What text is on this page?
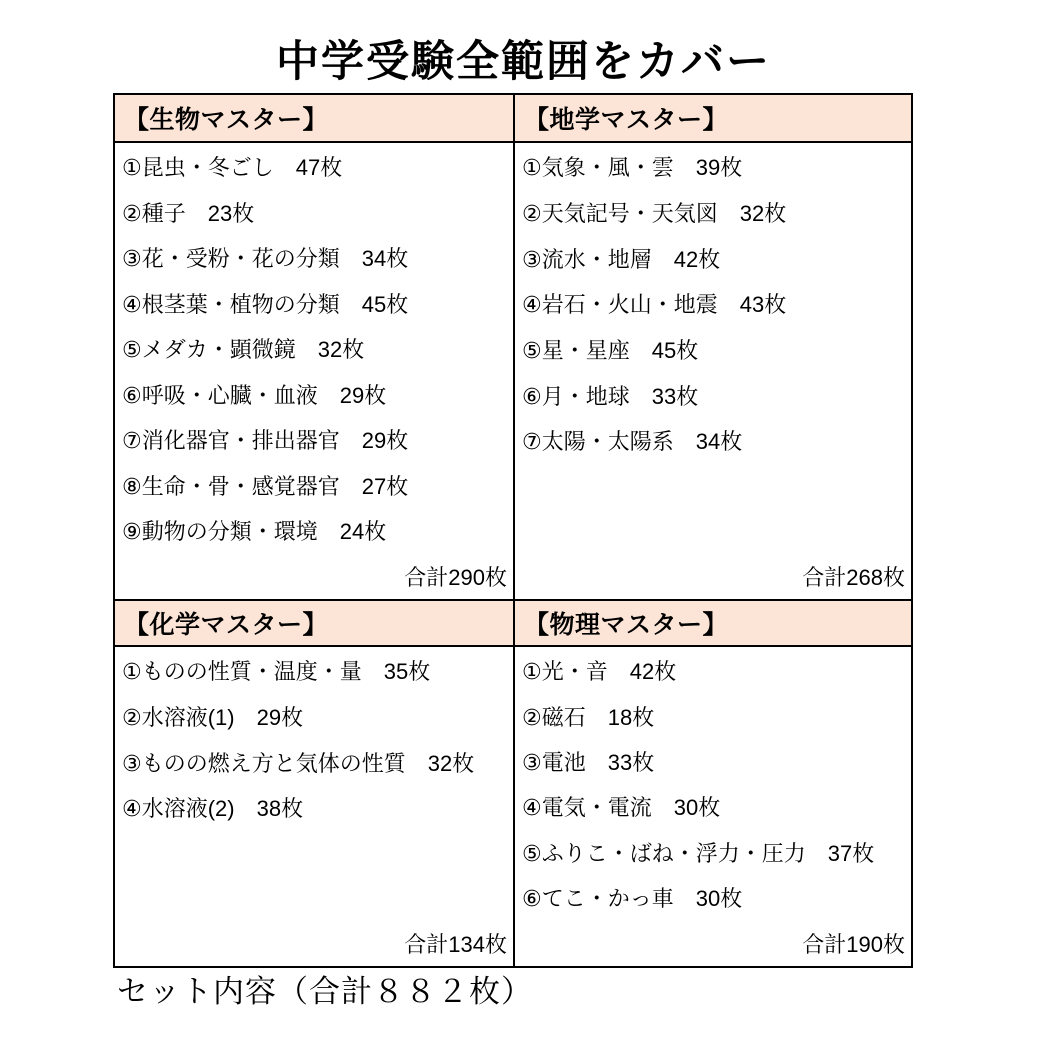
中学受験全範囲をカバー
【生物マスター】	【地学マスター】
①昆虫・冬ごし　47枚
②種子　23枚
③花・受粉・花の分類　34枚
④根茎葉・植物の分類　45枚
⑤メダカ・顕微鏡　32枚
⑥呼吸・心臓・血液　29枚
⑦消化器官・排出器官　29枚
⑧生命・骨・感覚器官　27枚
⑨動物の分類・環境　24枚
合計290枚
①気象・風・雲　39枚
②天気記号・天気図　32枚
③流水・地層　42枚
④岩石・火山・地震　43枚
⑤星・星座　45枚
⑥月・地球　33枚
⑦太陽・太陽系　34枚
合計268枚
【化学マスター】	【物理マスター】
①ものの性質・温度・量　35枚
②水溶液(1)　29枚
③ものの燃え方と気体の性質　32枚
④水溶液(2)　38枚
合計134枚
①光・音　42枚
②磁石　18枚
③電池　33枚
④電気・電流　30枚
⑤ふりこ・ばね・浮力・圧力　37枚
⑥てこ・かっ車　30枚
合計190枚
セット内容（合計８８２枚）
